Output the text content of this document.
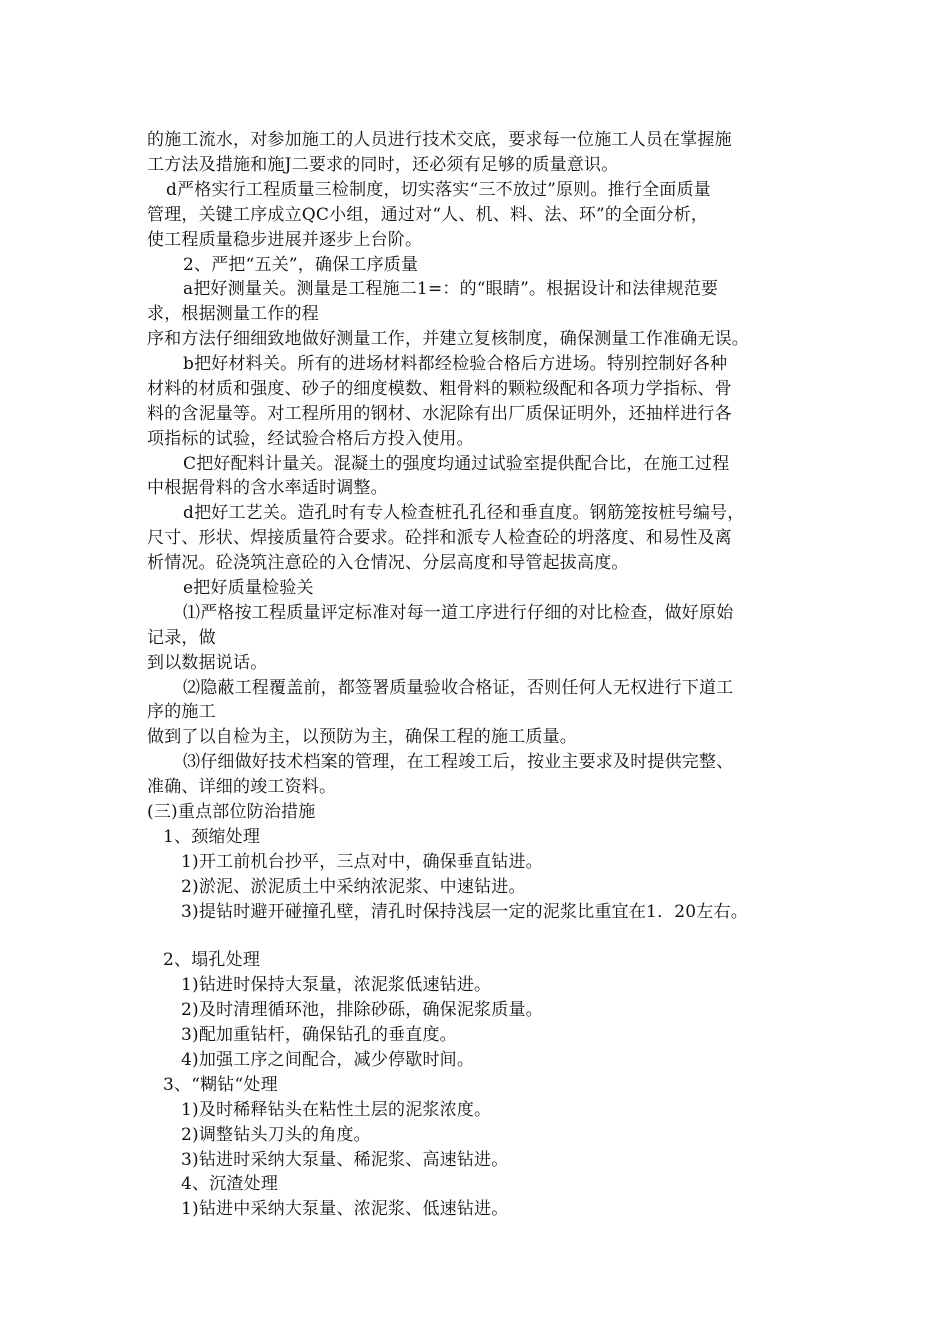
的施工流水，对参加施工的人员进行技术交底，要求每一位施工人员在掌握施
工方法及措施和施J二要求的同时，还必须有足够的质量意识。
d严格实行工程质量三检制度，切实落实“三不放过”原则。推行全面质量
管理，关键工序成立QC小组，通过对“人、机、料、法、环”的全面分析，
使工程质量稳步进展并逐步上台阶。
2、严把“五关”，确保工序质量
a把好测量关。测量是工程施二1=：的“眼睛”。根据设计和法律规范要
求，根据测量工作的程
序和方法仔细细致地做好测量工作，并建立复核制度，确保测量工作准确无误。
b把好材料关。所有的进场材料都经检验合格后方进场。特别控制好各种
材料的材质和强度、砂子的细度模数、粗骨料的颗粒级配和各项力学指标、骨
料的含泥量等。对工程所用的钢材、水泥除有出厂质保证明外，还抽样进行各
项指标的试验，经试验合格后方投入使用。
C把好配料计量关。混凝土的强度均通过试验室提供配合比，在施工过程
中根据骨料的含水率适时调整。
d把好工艺关。造孔时有专人检查桩孔孔径和垂直度。钢筋笼按桩号编号，
尺寸、形状、焊接质量符合要求。砼拌和派专人检查砼的坍落度、和易性及离
析情况。砼浇筑注意砼的入仓情况、分层高度和导管起拔高度。
e把好质量检验关
⑴严格按工程质量评定标准对每一道工序进行仔细的对比检查，做好原始
记录，做
到以数据说话。
⑵隐蔽工程覆盖前，都签署质量验收合格证，否则任何人无权进行下道工
序的施工
做到了以自检为主，以预防为主，确保工程的施工质量。
⑶仔细做好技术档案的管理，在工程竣工后，按业主要求及时提供完整、
准确、详细的竣工资料。
(三)重点部位防治措施
1、颈缩处理
1)开工前机台抄平，三点对中，确保垂直钻进。
2)淤泥、淤泥质土中采纳浓泥浆、中速钻进。
3)提钻时避开碰撞孔壁，清孔时保持浅层一定的泥浆比重宜在1．20左右。
2、塌孔处理
1)钻进时保持大泵量，浓泥浆低速钻进。
2)及时清理循环池，排除砂砾，确保泥浆质量。
3)配加重钻杆，确保钻孔的垂直度。
4)加强工序之间配合，减少停歇时间。
3、“糊钻“处理
1)及时稀释钻头在粘性土层的泥浆浓度。
2)调整钻头刀头的角度。
3)钻进时采纳大泵量、稀泥浆、高速钻进。
4、沉渣处理
1)钻进中采纳大泵量、浓泥浆、低速钻进。
